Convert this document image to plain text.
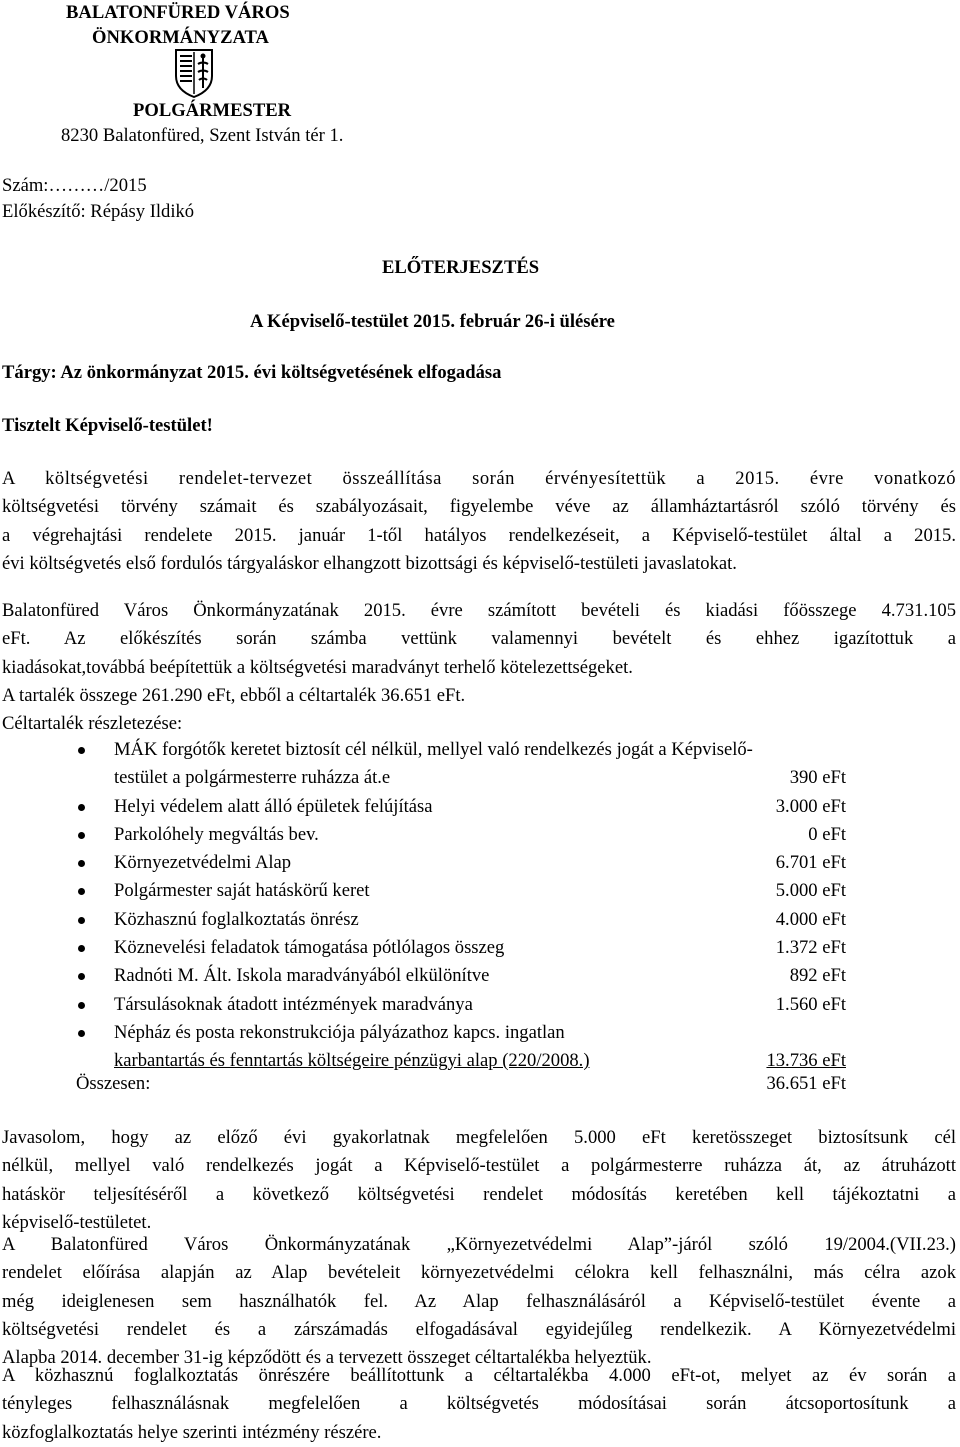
BALATONFÜRED VÁROS
ÖNKORMÁNYZATA
POLGÁRMESTER
8230 Balatonfüred, Szent István tér 1.
Szám:………/2015
Előkészítő: Répásy Ildikó
ELŐTERJESZTÉS
A Képviselő-testület 2015. február 26-i ülésére
Tárgy: Az önkormányzat 2015. évi költségvetésének elfogadása
Tisztelt Képviselő-testület!
A költségvetési rendelet-tervezet összeállítása során érvényesítettük a 2015. évre vonatkozó
költségvetési törvény számait és szabályozásait, figyelembe véve az államháztartásról szóló törvény és
a végrehajtási rendelete 2015. január 1-től hatályos rendelkezéseit, a Képviselő-testület által a 2015.
évi költségvetés első fordulós tárgyaláskor elhangzott bizottsági és képviselő-testületi javaslatokat.
Balatonfüred Város Önkormányzatának 2015. évre számított bevételi és kiadási főösszege 4.731.105
eFt. Az előkészítés során számba vettünk valamennyi bevételt és ehhez igazítottuk a
kiadásokat,továbbá beépítettük a költségvetési maradványt terhelő kötelezettségeket.
A tartalék összege 261.290 eFt, ebből a céltartalék 36.651 eFt.
Céltartalék részletezése:
MÁK forgótők keretet biztosít cél nélkül, mellyel való rendelkezés jogát a Képviselő-
testület a polgármesterre ruházza át.e	390 eFt
Helyi védelem alatt álló épületek felújítása	3.000 eFt
Parkolóhely megváltás bev.	0 eFt
Környezetvédelmi Alap	6.701 eFt
Polgármester saját hatáskörű keret	5.000 eFt
Közhasznú foglalkoztatás önrész	4.000 eFt
Köznevelési feladatok támogatása pótlólagos összeg	1.372 eFt
Radnóti M. Ált. Iskola maradványából elkülönítve	892 eFt
Társulásoknak átadott intézmények maradványa	1.560 eFt
Népház és posta rekonstrukciója pályázathoz kapcs. ingatlan
karbantartás és fenntartás költségeire pénzügyi alap (220/2008.)	13.736 eFt
Összesen:	36.651 eFt
Javasolom, hogy az előző évi gyakorlatnak megfelelően 5.000 eFt keretösszeget biztosítsunk cél
nélkül, mellyel való rendelkezés jogát a Képviselő-testület a polgármesterre ruházza át, az átruházott
hatáskör teljesítéséről a következő költségvetési rendelet módosítás keretében kell tájékoztatni a
képviselő-testületet.
A Balatonfüred Város Önkormányzatának „Környezetvédelmi Alap”-járól szóló 19/2004.(VII.23.)
rendelet előírása alapján az Alap bevételeit környezetvédelmi célokra kell felhasználni, más célra azok
még ideiglenesen sem használhatók fel. Az Alap felhasználásáról a Képviselő-testület évente a
költségvetési rendelet és a zárszámadás elfogadásával egyidejűleg rendelkezik. A Környezetvédelmi
Alapba 2014. december 31-ig képződött és a tervezett összeget céltartalékba helyeztük.
A közhasznú foglalkoztatás önrészére beállítottunk a céltartalékba 4.000 eFt-ot, melyet az év során a
tényleges felhasználásnak megfelelően a költségvetés módosításai során átcsoportosítunk a
közfoglalkoztatás helye szerinti intézmény részére.
